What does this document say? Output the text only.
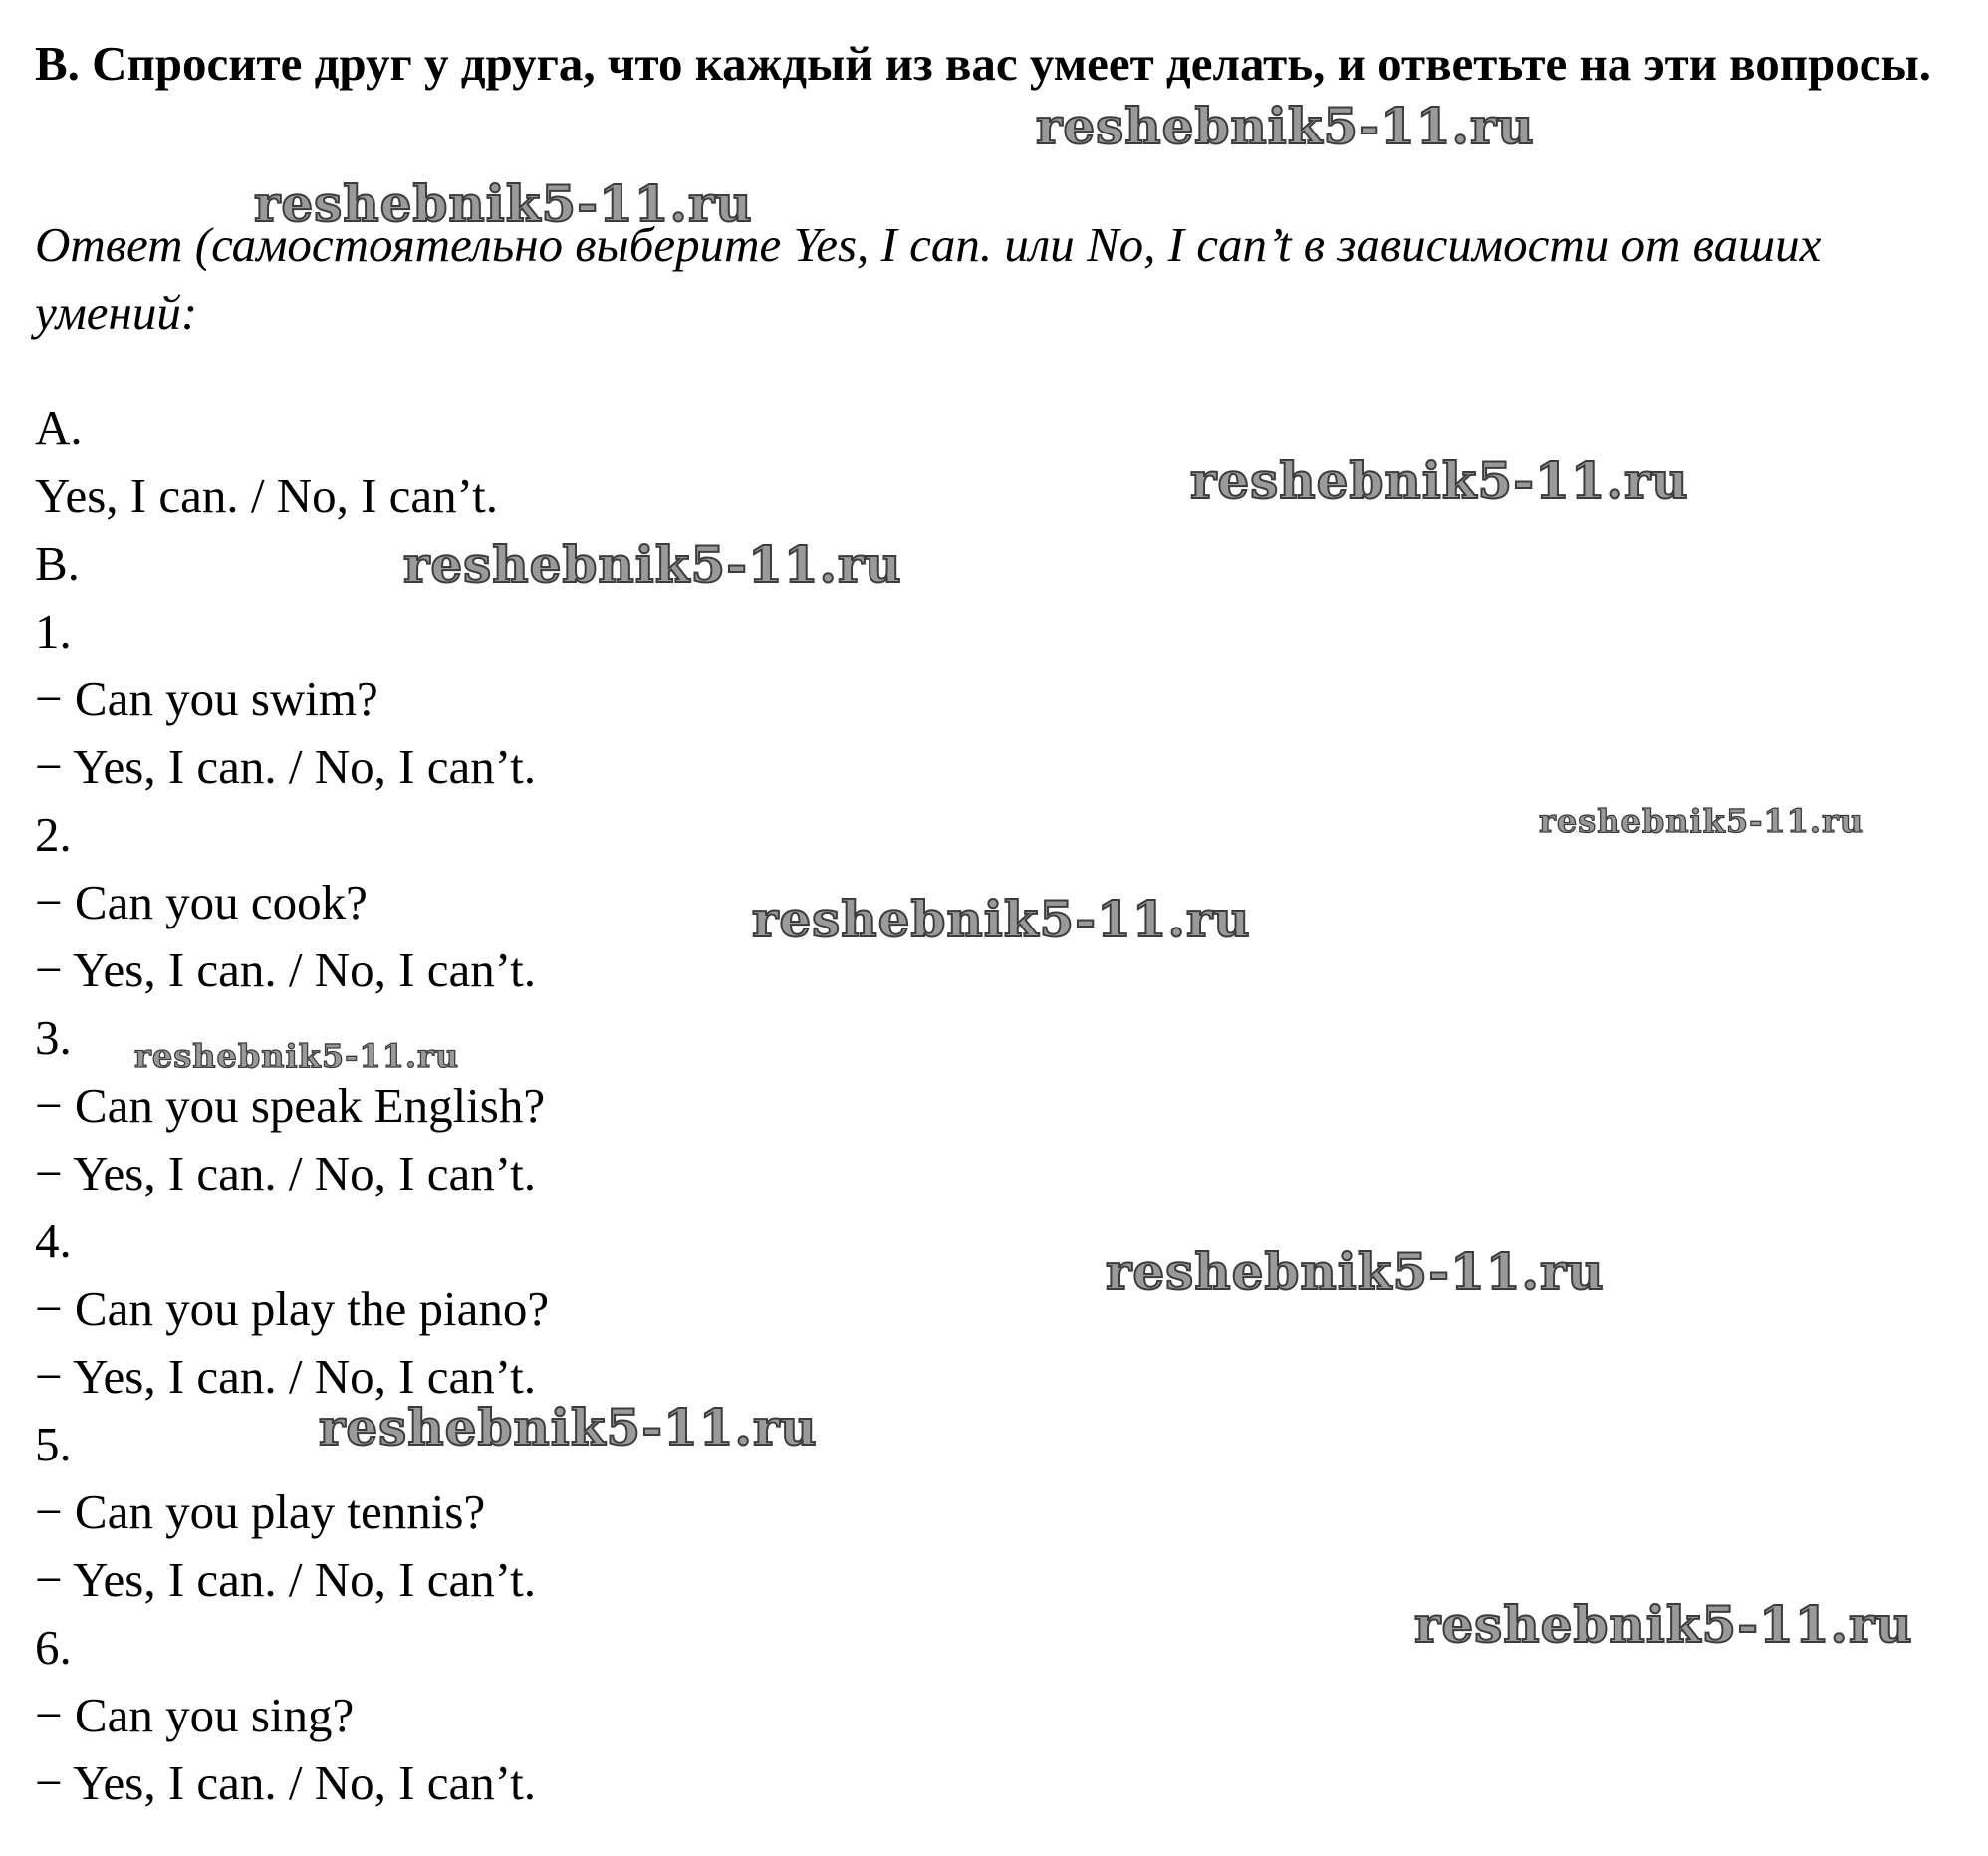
B. Спросите друг у друга, что каждый из вас умеет делать, и ответьте на эти вопросы.
Ответ (самостоятельно выберите Yes, I can. или No, I can’t в зависимости от ваших умений:
A.
Yes, I can. / No, I can’t.
B.
1.
− Can you swim?
− Yes, I can. / No, I can’t.
2.
− Can you cook?
− Yes, I can. / No, I can’t.
3.
− Can you speak English?
− Yes, I can. / No, I can’t.
4.
− Can you play the piano?
− Yes, I can. / No, I can’t.
5.
− Can you play tennis?
− Yes, I can. / No, I can’t.
6.
− Can you sing?
− Yes, I can. / No, I can’t.
reshebnik5-11.ru
reshebnik5-11.ru
reshebnik5-11.ru
reshebnik5-11.ru
reshebnik5-11.ru
reshebnik5-11.ru
reshebnik5-11.ru
reshebnik5-11.ru
reshebnik5-11.ru
reshebnik5-11.ru
